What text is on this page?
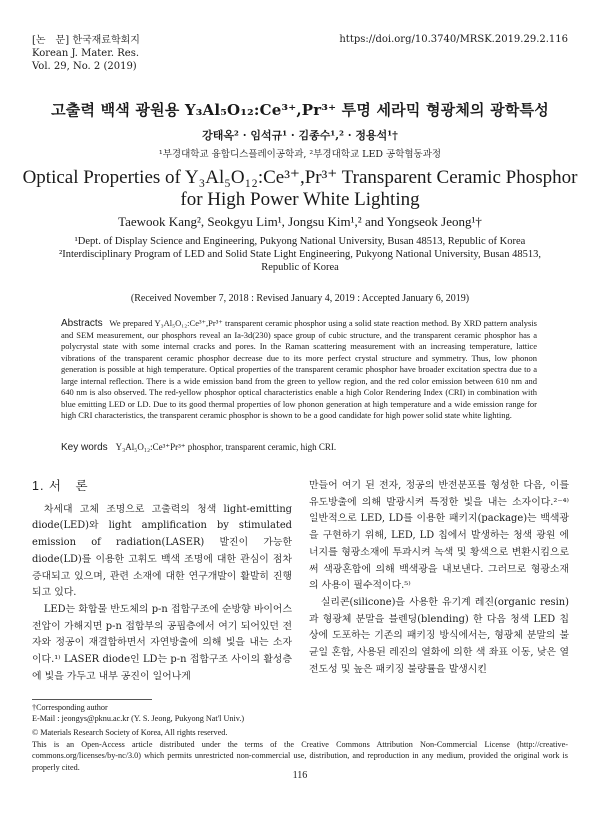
[논　문] 한국재료학회지
Korean J. Mater. Res.
Vol. 29, No. 2 (2019)
https://doi.org/10.3740/MRSK.2019.29.2.116
고출력 백색 광원용 Y₃Al₅O₁₂:Ce³⁺,Pr³⁺ 투명 세라믹 형광체의 광학특성
강태옥² · 임석규¹ · 김종수¹,² · 정용석¹†
¹부경대학교 융합디스플레이공학과, ²부경대학교 LED 공학협동과정
Optical Properties of Y₃Al₅O₁₂:Ce³⁺,Pr³⁺ Transparent Ceramic Phosphor
for High Power White Lighting
Taewook Kang², Seokgyu Lim¹, Jongsu Kim¹,² and Yongseok Jeong¹†
¹Dept. of Display Science and Engineering, Pukyong National University, Busan 48513, Republic of Korea
²Interdisciplinary Program of LED and Solid State Light Engineering, Pukyong National University, Busan 48513, Republic of Korea
(Received November 7, 2018 : Revised January 4, 2019 : Accepted January 6, 2019)
Abstracts We prepared Y₃Al₅O₁₂:Ce³⁺,Pr³⁺ transparent ceramic phosphor using a solid state reaction method. By XRD pattern analysis and SEM measurement, our phosphors reveal an Ia-3d(230) space group of cubic structure, and the transparent ceramic phosphor has a polycrystal state with some internal cracks and pores. In the Raman scattering measurement with an increasing temperature, lattice vibrations of the transparent ceramic phosphor decrease due to its more perfect crystal structure and symmetry. Thus, low phonon generation is possible at high temperature. Optical properties of the transparent ceramic phosphor have broader excitation spectra due to a large internal reflection. There is a wide emission band from the green to yellow region, and the red color emission between 610 nm and 640 nm is also observed. The red-yellow phosphor optical characteristics enable a high Color Rendering Index (CRI) in combination with blue emitting LED or LD. Due to its good thermal properties of low phonon generation at high temperature and a wide emission range for high CRI characteristics, the transparent ceramic phosphor is shown to be a good candidate for high power solid state white lighting.
Key words Y₃Al₅O₁₂:Ce³⁺Pr³⁺ phosphor, transparent ceramic, high CRI.
1. 서　론

차세대 고체 조명으로 고출력의 청색 light-emitting diode(LED)와 light amplification by stimulated emission of radiation(LASER) 발진이 가능한 diode(LD)를 이용한 고휘도 백색 조명에 대한 관심이 점차 증대되고 있으며, 관련 소재에 대한 연구개발이 활발히 진행되고 있다.

LED는 화합물 반도체의 p-n 접합구조에 순방향 바이어스 전압이 가해지면 p-n 접합부의 공핍층에서 여기 되어있던 전자와 정공이 재결합하면서 자연방출에 의해 빛을 내는 소자이다.¹⁾ LASER diode인 LD는 p-n 접합구조 사이의 활성층에 빛을 가두고 내부 공진이 일어나게

만들어 여기 된 전자, 정공의 반전분포를 형성한 다음, 이를 유도방출에 의해 발광시켜 특정한 빛을 내는 소자이다.²⁻⁴⁾ 일반적으로 LED, LD를 이용한 패키지(package)는 백색광을 구현하기 위해, LED, LD 칩에서 발생하는 청색 광원 에너지를 형광소재에 투과시켜 녹색 및 황색으로 변환시킴으로써 색광혼합에 의해 백색광을 내보낸다. 그러므로 형광소재의 사용이 필수적이다.⁵⁾

실리콘(silicone)을 사용한 유기계 레진(organic resin)과 형광체 분말을 블렌딩(blending) 한 다음 청색 LED 칩상에 도포하는 기존의 패키징 방식에서는, 형광체 분말의 불균일 혼합, 사용된 레진의 열화에 의한 색 좌표 이동, 낮은 열전도성 및 높은 패키징 불량률을 발생시킨

†Corresponding author
E-Mail : jeongys@pknu.ac.kr (Y. S. Jeong, Pukyong Nat'l Univ.)
© Materials Research Society of Korea, All rights reserved.
This is an Open-Access article distributed under the terms of the Creative Commons Attribution Non-Commercial License (http://creative-commons.org/licenses/by-nc/3.0) which permits unrestricted non-commercial use, distribution, and reproduction in any medium, provided the original work is properly cited.
116
